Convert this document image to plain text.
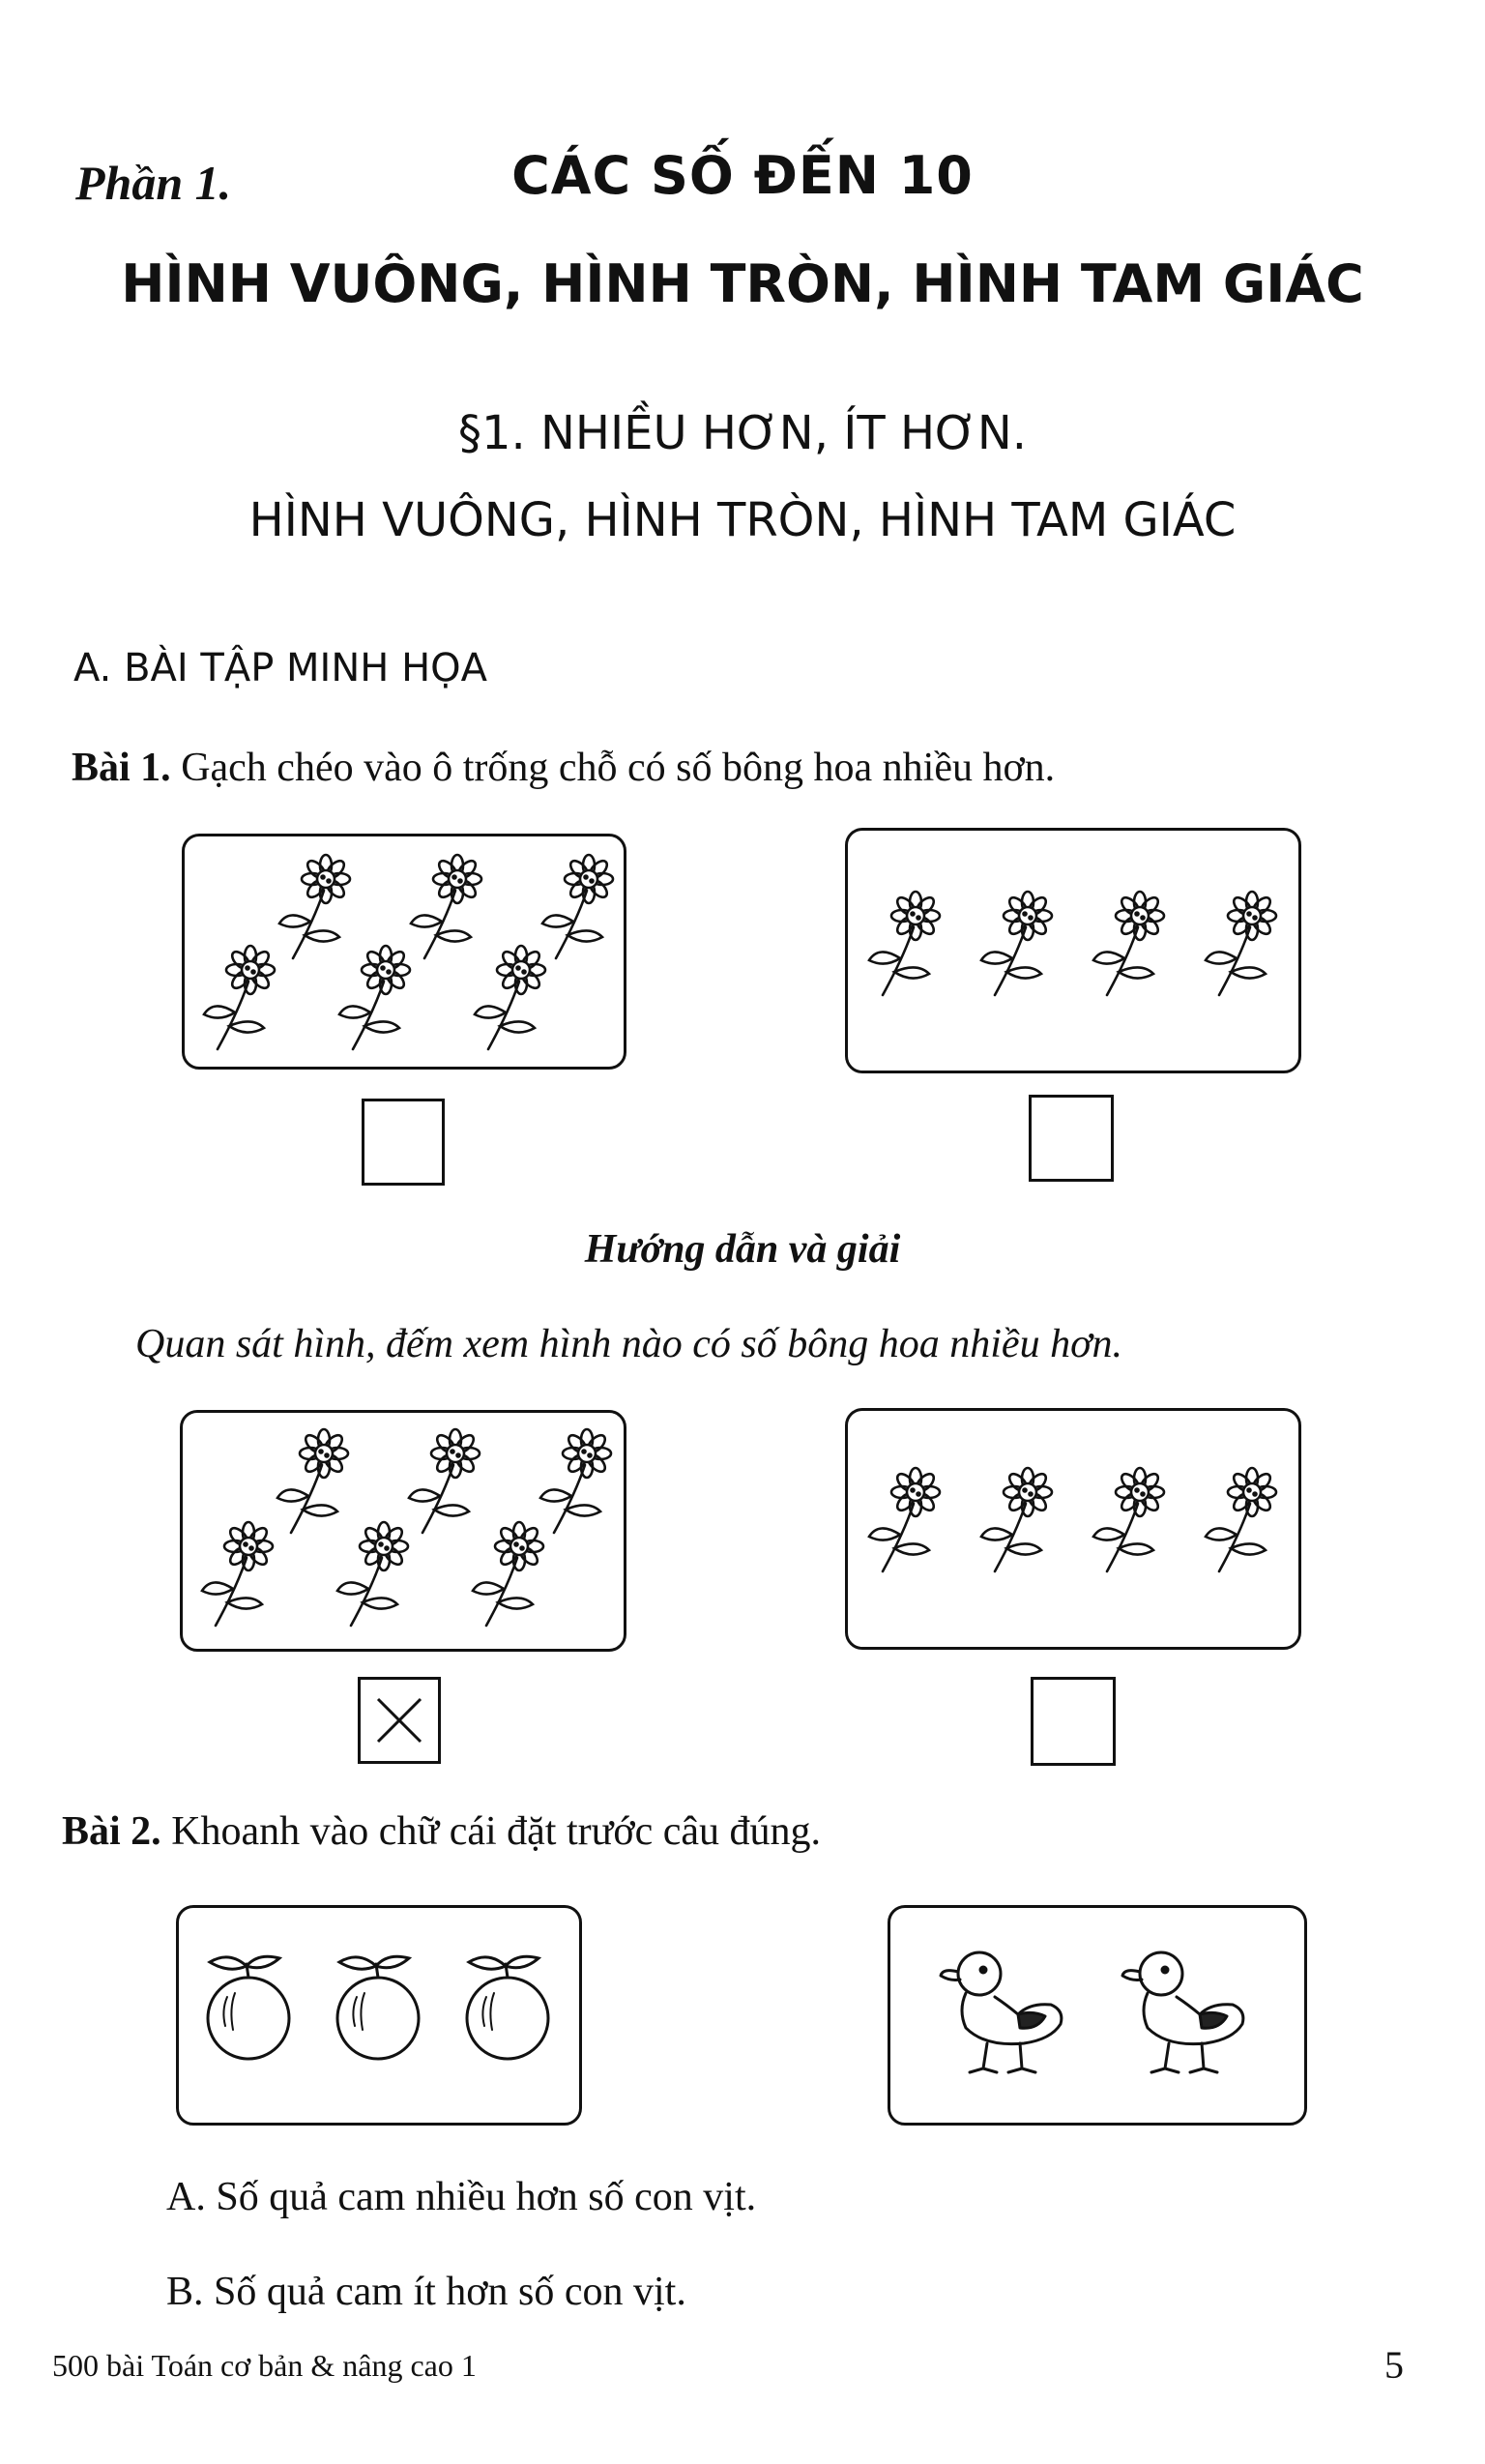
Phần 1.	CÁC SỐ ĐẾN 10
HÌNH VUÔNG, HÌNH TRÒN, HÌNH TAM GIÁC
§1. NHIỀU HƠN, ÍT HƠN.
HÌNH VUÔNG, HÌNH TRÒN, HÌNH TAM GIÁC
A. BÀI TẬP MINH HỌA
Bài 1. Gạch chéo vào ô trống chỗ có số bông hoa nhiều hơn.
Hướng dẫn và giải
Quan sát hình, đếm xem hình nào có số bông hoa nhiều hơn.
Bài 2. Khoanh vào chữ cái đặt trước câu đúng.
A. Số quả cam nhiều hơn số con vịt.
B. Số quả cam ít hơn số con vịt.
500 bài Toán cơ bản & nâng cao 1	5
